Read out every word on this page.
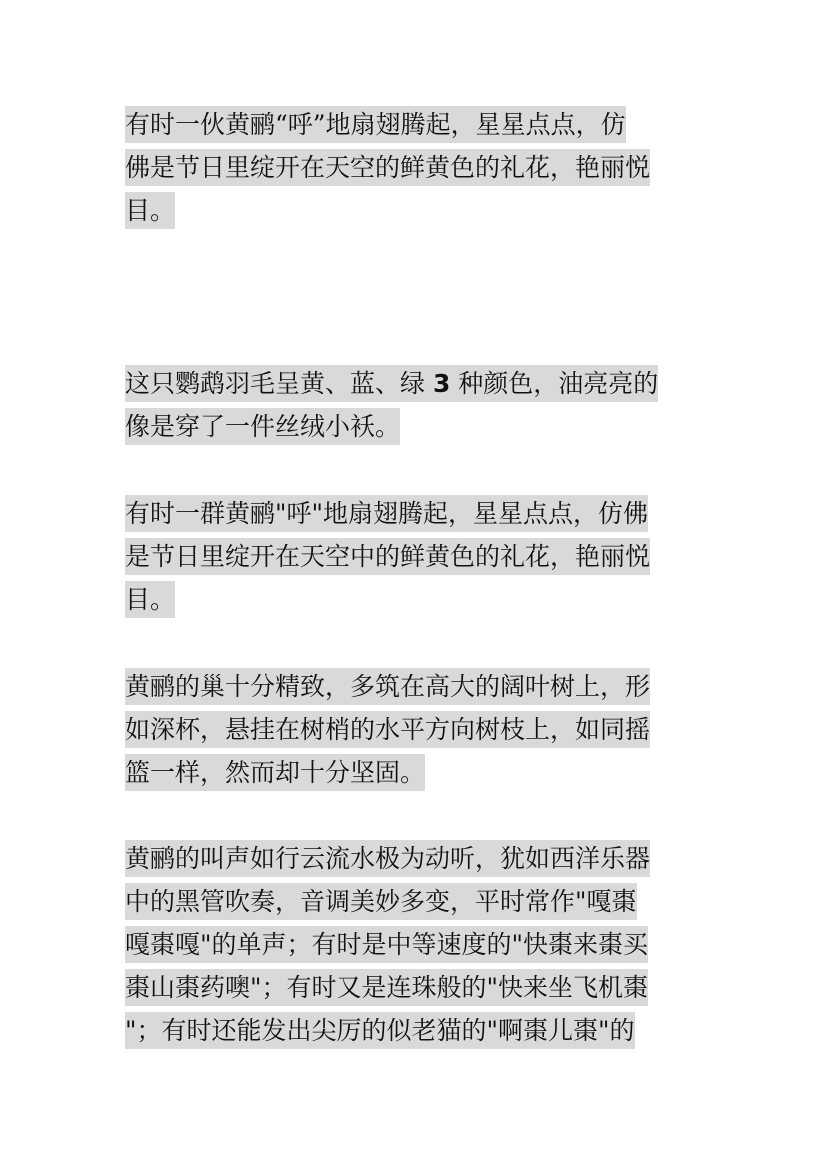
有时一伙黄鹂“呼”地扇翅腾起，星星点点，仿
佛是节日里绽开在天空的鲜黄色的礼花，艳丽悦
目。

这只鹦鹉羽毛呈黄、蓝、绿 3 种颜色，油亮亮的
像是穿了一件丝绒小袄。

有时一群黄鹂"呼"地扇翅腾起，星星点点，仿佛
是节日里绽开在天空中的鲜黄色的礼花，艳丽悦
目。

黄鹂的巢十分精致，多筑在高大的阔叶树上，形
如深杯，悬挂在树梢的水平方向树枝上，如同摇
篮一样，然而却十分坚固。

黄鹂的叫声如行云流水极为动听，犹如西洋乐器
中的黑管吹奏，音调美妙多变，平时常作"嘎棗
嘎棗嘎"的单声；有时是中等速度的"快棗来棗买
棗山棗药噢"；有时又是连珠般的"快来坐飞机棗
"；有时还能发出尖厉的似老猫的"啊棗儿棗"的
